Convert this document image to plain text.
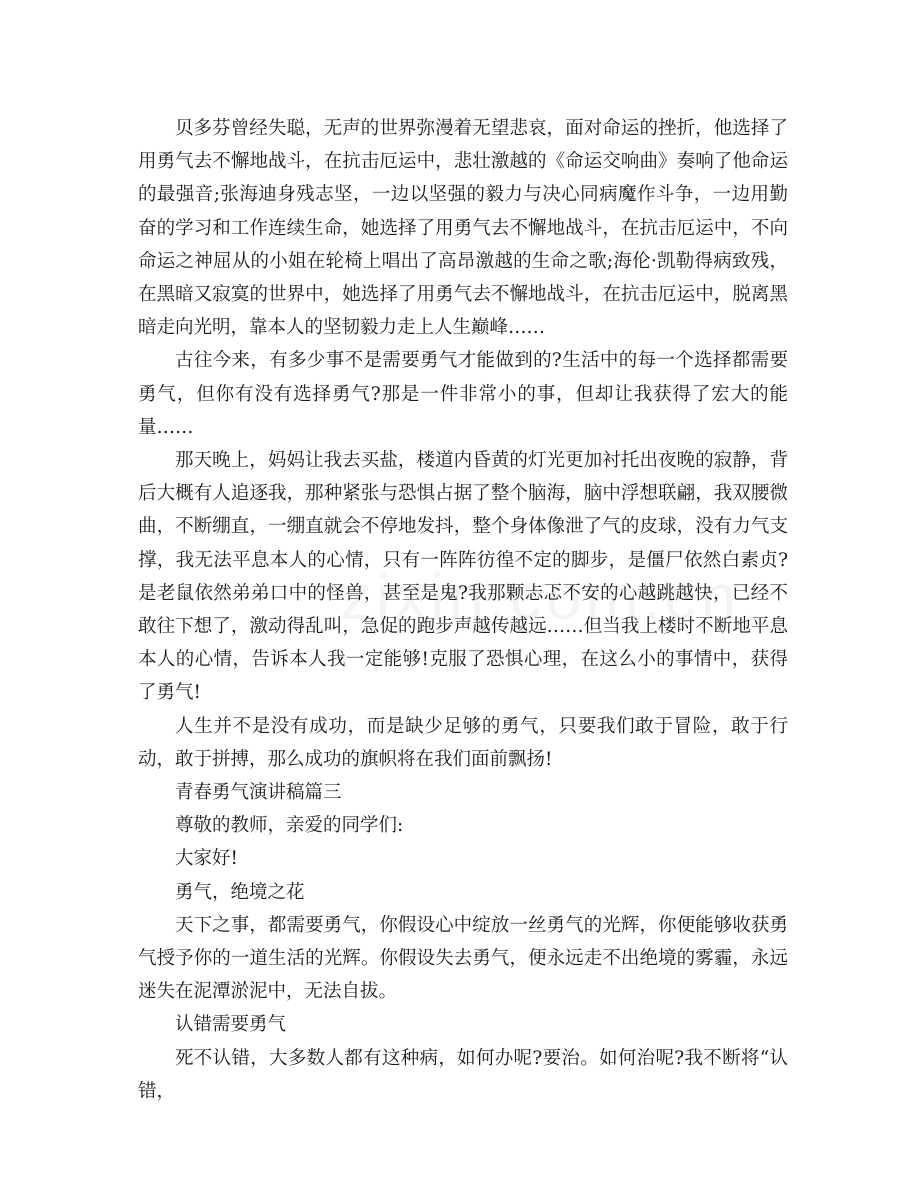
贝多芬曾经失聪，无声的世界弥漫着无望悲哀，面对命运的挫折，他选择了用勇气去不懈地战斗，在抗击厄运中，悲壮激越的《命运交响曲》奏响了他命运的最强音;张海迪身残志坚，一边以坚强的毅力与决心同病魔作斗争，一边用勤奋的学习和工作连续生命，她选择了用勇气去不懈地战斗，在抗击厄运中，不向命运之神屈从的小姐在轮椅上唱出了高昂激越的生命之歌;海伦·凯勒得病致残，在黑暗又寂寞的世界中，她选择了用勇气去不懈地战斗，在抗击厄运中，脱离黑暗走向光明，靠本人的坚韧毅力走上人生巅峰……

古往今来，有多少事不是需要勇气才能做到的?生活中的每一个选择都需要勇气，但你有没有选择勇气?那是一件非常小的事，但却让我获得了宏大的能量……

那天晚上，妈妈让我去买盐，楼道内昏黄的灯光更加衬托出夜晚的寂静，背后大概有人追逐我，那种紧张与恐惧占据了整个脑海，脑中浮想联翩，我双腰微曲，不断绷直，一绷直就会不停地发抖，整个身体像泄了气的皮球，没有力气支撑，我无法平息本人的心情，只有一阵阵彷徨不定的脚步，是僵尸依然白素贞?是老鼠依然弟弟口中的怪兽，甚至是鬼?我那颗忐忑不安的心越跳越快，已经不敢往下想了，激动得乱叫，急促的跑步声越传越远……但当我上楼时不断地平息本人的心情，告诉本人我一定能够!克服了恐惧心理，在这么小的事情中，获得了勇气!

人生并不是没有成功，而是缺少足够的勇气，只要我们敢于冒险，敢于行动，敢于拼搏，那么成功的旗帜将在我们面前飘扬!

青春勇气演讲稿篇三

尊敬的教师，亲爱的同学们:

大家好!

勇气，绝境之花

天下之事，都需要勇气，你假设心中绽放一丝勇气的光辉，你便能够收获勇气授予你的一道生活的光辉。你假设失去勇气，便永远走不出绝境的雾霾，永远迷失在泥潭淤泥中，无法自拔。

认错需要勇气

死不认错，大多数人都有这种病，如何办呢?要治。如何治呢?我不断将“认错，
